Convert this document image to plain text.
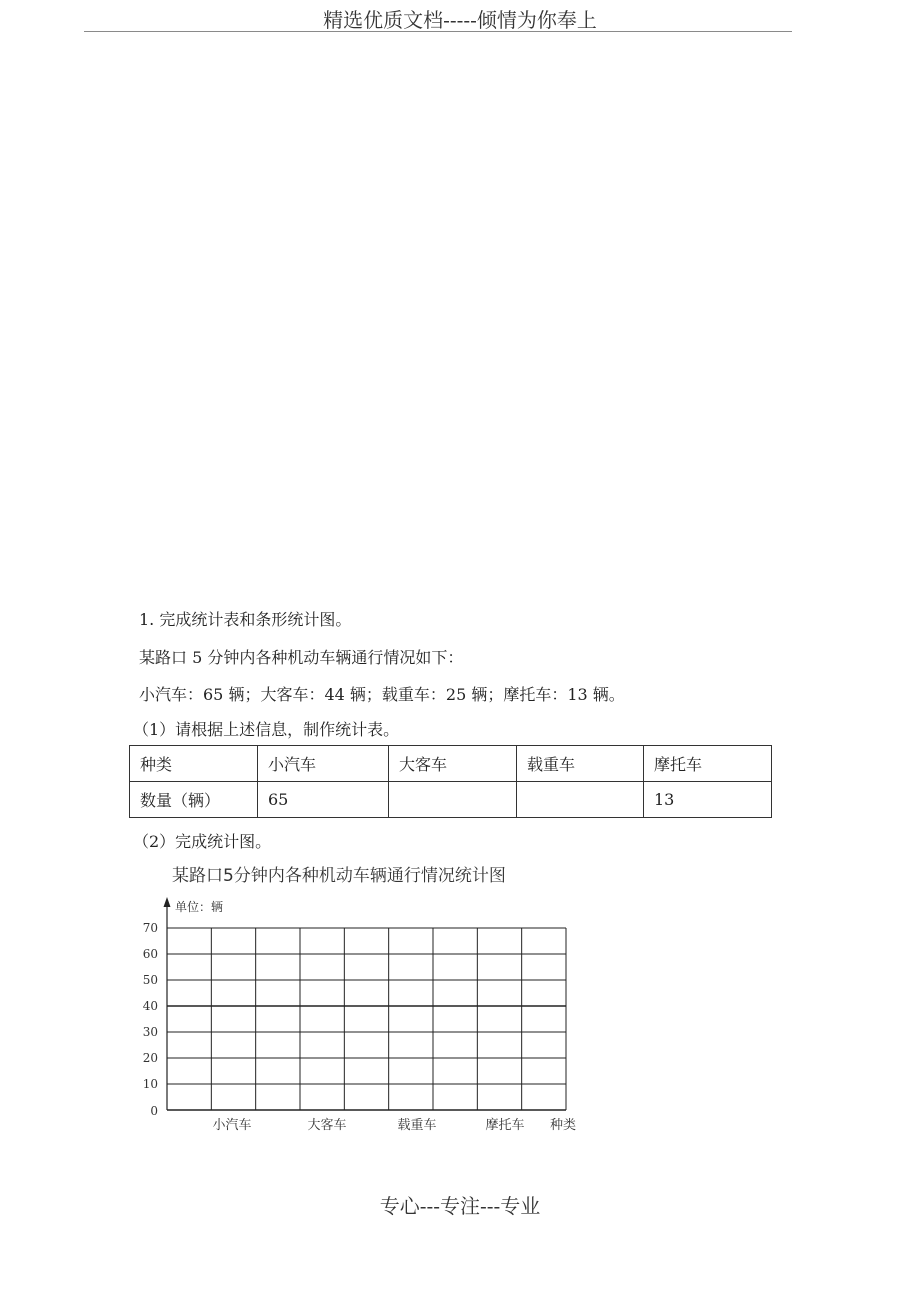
精选优质文档-----倾情为你奉上
1. 完成统计表和条形统计图。
某路口 5 分钟内各种机动车辆通行情况如下：
小汽车：65 辆；大客车：44 辆；载重车：25 辆；摩托车：13 辆。
（1）请根据上述信息，制作统计表。
种类	小汽车	大客车	载重车	摩托车
数量（辆）	65			13
（2）完成统计图。
某路口5分钟内各种机动车辆通行情况统计图
0
10
20
30
40
50
60
70
小汽车	大客车	载重车	摩托车
单位：辆
种类
专心---专注---专业
